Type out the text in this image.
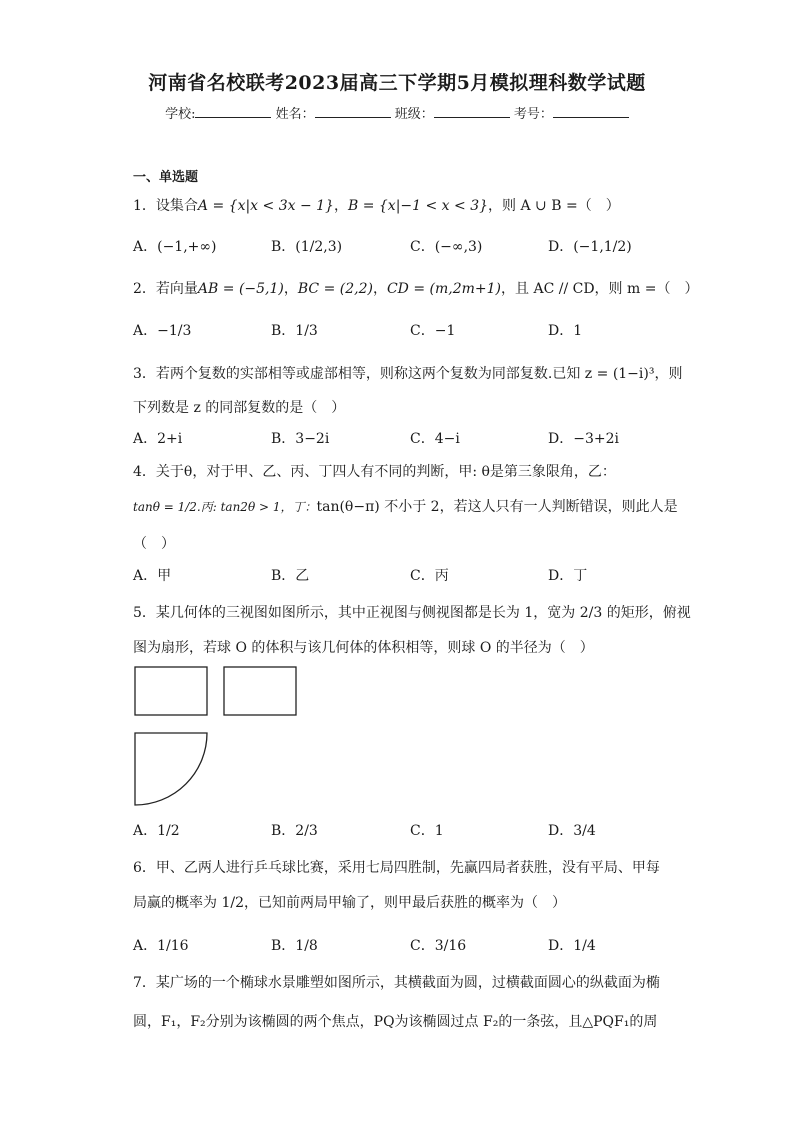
河南省名校联考2023届高三下学期5月模拟理科数学试题
学校:	姓名：	班级：	考号：
一、单选题
1．设集合A = {x|x < 3x − 1}，B = {x|−1 < x < 3}，则 A ∪ B =（　）
A．(−1,+∞)	B．(1/2,3)	C．(−∞,3)	D．(−1,1/2)
2．若向量AB = (−5,1)，BC = (2,2)，CD = (m,2m+1)，且 AC // CD，则 m =（　）
A．−1/3	B．1/3	C．−1	D．1
3．若两个复数的实部相等或虚部相等，则称这两个复数为同部复数.已知 z = (1−i)³，则
下列数是 z 的同部复数的是（　）
A．2+i	B．3−2i	C．4−i	D．−3+2i
4．关于θ，对于甲、乙、丙、丁四人有不同的判断，甲: θ是第三象限角，乙：
tanθ = 1/2.丙: tan2θ > 1，丁：tan(θ−π) 不小于 2，若这人只有一人判断错误，则此人是
（　）
A．甲	B．乙	C．丙	D．丁
5．某几何体的三视图如图所示，其中正视图与侧视图都是长为 1，宽为 2/3 的矩形，俯视
图为扇形，若球 O 的体积与该几何体的体积相等，则球 O 的半径为（　）
A．1/2	B．2/3	C．1	D．3/4
6．甲、乙两人进行乒乓球比赛，采用七局四胜制，先赢四局者获胜，没有平局、甲每
局赢的概率为 1/2，已知前两局甲输了，则甲最后获胜的概率为（　）
A．1/16	B．1/8	C．3/16	D．1/4
7．某广场的一个椭球水景雕塑如图所示，其横截面为圆，过横截面圆心的纵截面为椭
圆，F₁，F₂分别为该椭圆的两个焦点，PQ为该椭圆过点 F₂的一条弦，且△PQF₁的周
